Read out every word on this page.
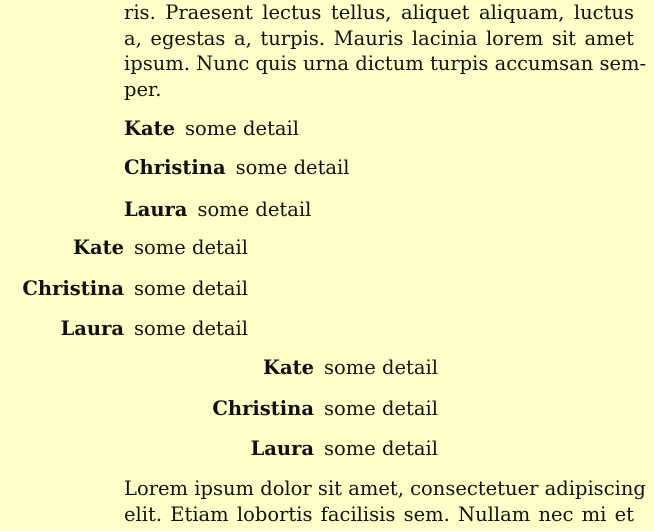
ris. Praesent lectus tellus, aliquet aliquam, luctus
a, egestas a, turpis. Mauris lacinia lorem sit amet
ipsum. Nunc quis urna dictum turpis accumsan sem-
per.
Kate some detail
Christina some detail
Laura some detail
Kate some detail
Christina some detail
Laura some detail
Kate some detail
Christina some detail
Laura some detail
Lorem ipsum dolor sit amet, consectetuer adipiscing
elit. Etiam lobortis facilisis sem. Nullam nec mi et
